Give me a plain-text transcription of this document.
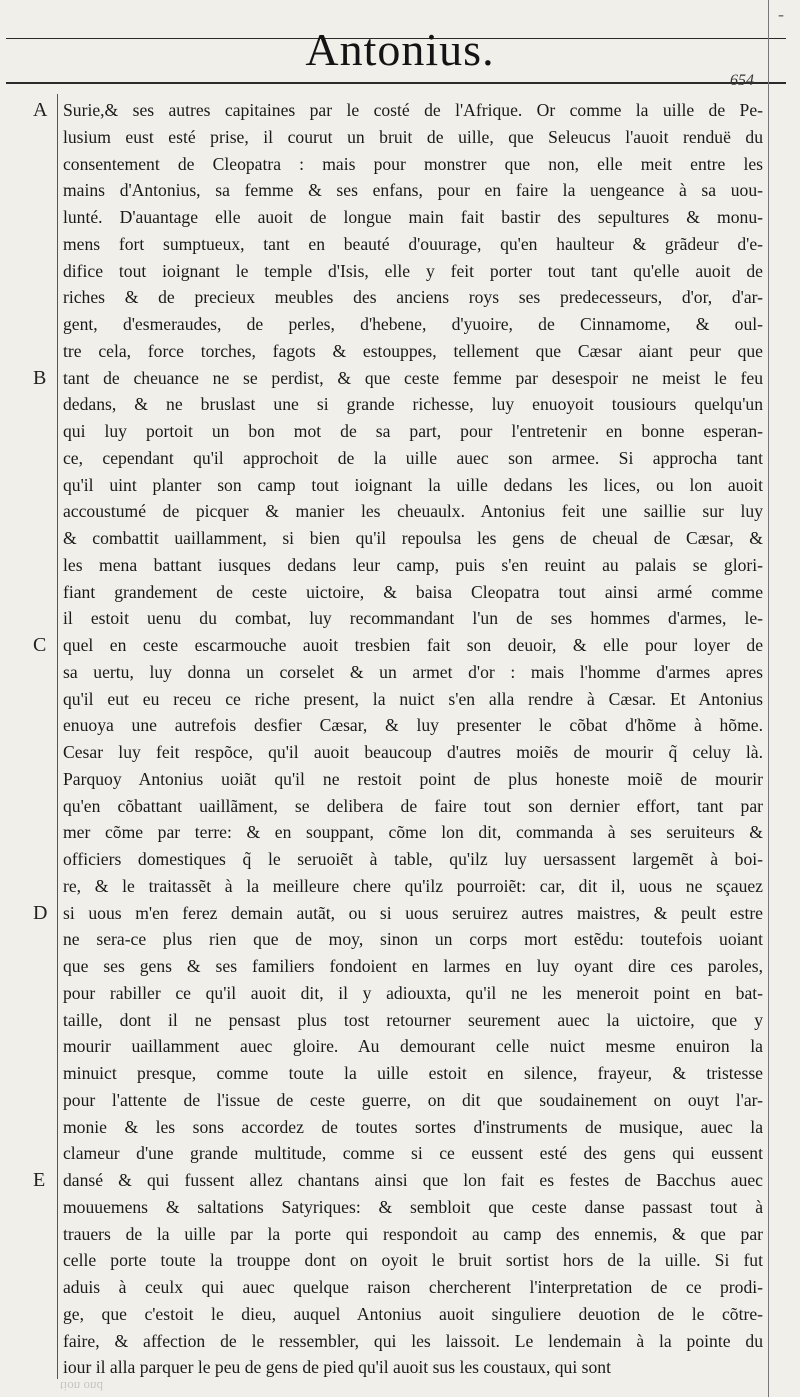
-
Antonius.
654
A
B
C
D
E
Surie,& ses autres capitaines par le costé de l'Afrique. Or comme la uille de Pe-
lusium eust esté prise, il courut un bruit de uille, que Seleucus l'auoit renduë du
consentement de Cleopatra : mais pour monstrer que non, elle meit entre les
mains d'Antonius, sa femme & ses enfans, pour en faire la uengeance à sa uou-
lunté. D'auantage elle auoit de longue main fait bastir des sepultures & monu-
mens fort sumptueux, tant en beauté d'ouurage, qu'en haulteur & grãdeur d'e-
difice tout ioignant le temple d'Isis, elle y feit porter tout tant qu'elle auoit de
riches & de precieux meubles des anciens roys ses predecesseurs, d'or, d'ar-
gent, d'esmeraudes, de perles, d'hebene, d'yuoire, de Cinnamome, & oul-
tre cela, force torches, fagots & estouppes, tellement que Cæsar aiant peur que
tant de cheuance ne se perdist, & que ceste femme par desespoir ne meist le feu
dedans, & ne bruslast une si grande richesse, luy enuoyoit tousiours quelqu'un
qui luy portoit un bon mot de sa part, pour l'entretenir en bonne esperan-
ce, cependant qu'il approchoit de la uille auec son armee. Si approcha tant
qu'il uint planter son camp tout ioignant la uille dedans les lices, ou lon auoit
accoustumé de picquer & manier les cheuaulx. Antonius feit une saillie sur luy
& combattit uaillamment, si bien qu'il repoulsa les gens de cheual de Cæsar, &
les mena battant iusques dedans leur camp, puis s'en reuint au palais se glori-
fiant grandement de ceste uictoire, & baisa Cleopatra tout ainsi armé comme
il estoit uenu du combat, luy recommandant l'un de ses hommes d'armes, le-
quel en ceste escarmouche auoit tresbien fait son deuoir, & elle pour loyer de
sa uertu, luy donna un corselet & un armet d'or : mais l'homme d'armes apres
qu'il eut eu receu ce riche present, la nuict s'en alla rendre à Cæsar. Et Antonius
enuoya une autrefois desfier Cæsar, & luy presenter le cõbat d'hõme à hõme.
Cesar luy feit respõce, qu'il auoit beaucoup d'autres moiẽs de mourir q̃ celuy là.
Parquoy Antonius uoiãt qu'il ne restoit point de plus honeste moiẽ de mourir
qu'en cõbattant uaillãment, se delibera de faire tout son dernier effort, tant par
mer cõme par terre: & en souppant, cõme lon dit, commanda à ses seruiteurs &
officiers domestiques q̃ le seruoiẽt à table, qu'ilz luy uersassent largemẽt à boi-
re, & le traitassẽt à la meilleure chere qu'ilz pourroiẽt: car, dit il, uous ne sçauez
si uous m'en ferez demain autãt, ou si uous seruirez autres maistres, & peult estre
ne sera-ce plus rien que de moy, sinon un corps mort estẽdu: toutefois uoiant
que ses gens & ses familiers fondoient en larmes en luy oyant dire ces paroles,
pour rabiller ce qu'il auoit dit, il y adiouxta, qu'il ne les meneroit point en bat-
taille, dont il ne pensast plus tost retourner seurement auec la uictoire, que y
mourir uaillamment auec gloire. Au demourant celle nuict mesme enuiron la
minuict presque, comme toute la uille estoit en silence, frayeur, & tristesse
pour l'attente de l'issue de ceste guerre, on dit que soudainement on ouyt l'ar-
monie & les sons accordez de toutes sortes d'instruments de musique, auec la
clameur d'une grande multitude, comme si ce eussent esté des gens qui eussent
dansé & qui fussent allez chantans ainsi que lon fait es festes de Bacchus auec
mouuemens & saltations Satyriques: & sembloit que ceste danse passast tout à
trauers de la uille par la porte qui respondoit au camp des ennemis, & que par
celle porte toute la trouppe dont on oyoit le bruit sortist hors de la uille. Si fut
aduis à ceulx qui auec quelque raison chercherent l'interpretation de ce prodi-
ge, que c'estoit le dieu, auquel Antonius auoit singuliere deuotion de le cõtre-
faire, & affection de le ressembler, qui les laissoit. Le lendemain à la pointe du
iour il alla parquer le peu de gens de pied qu'il auoit sus les coustaux, qui sont
tion ond
